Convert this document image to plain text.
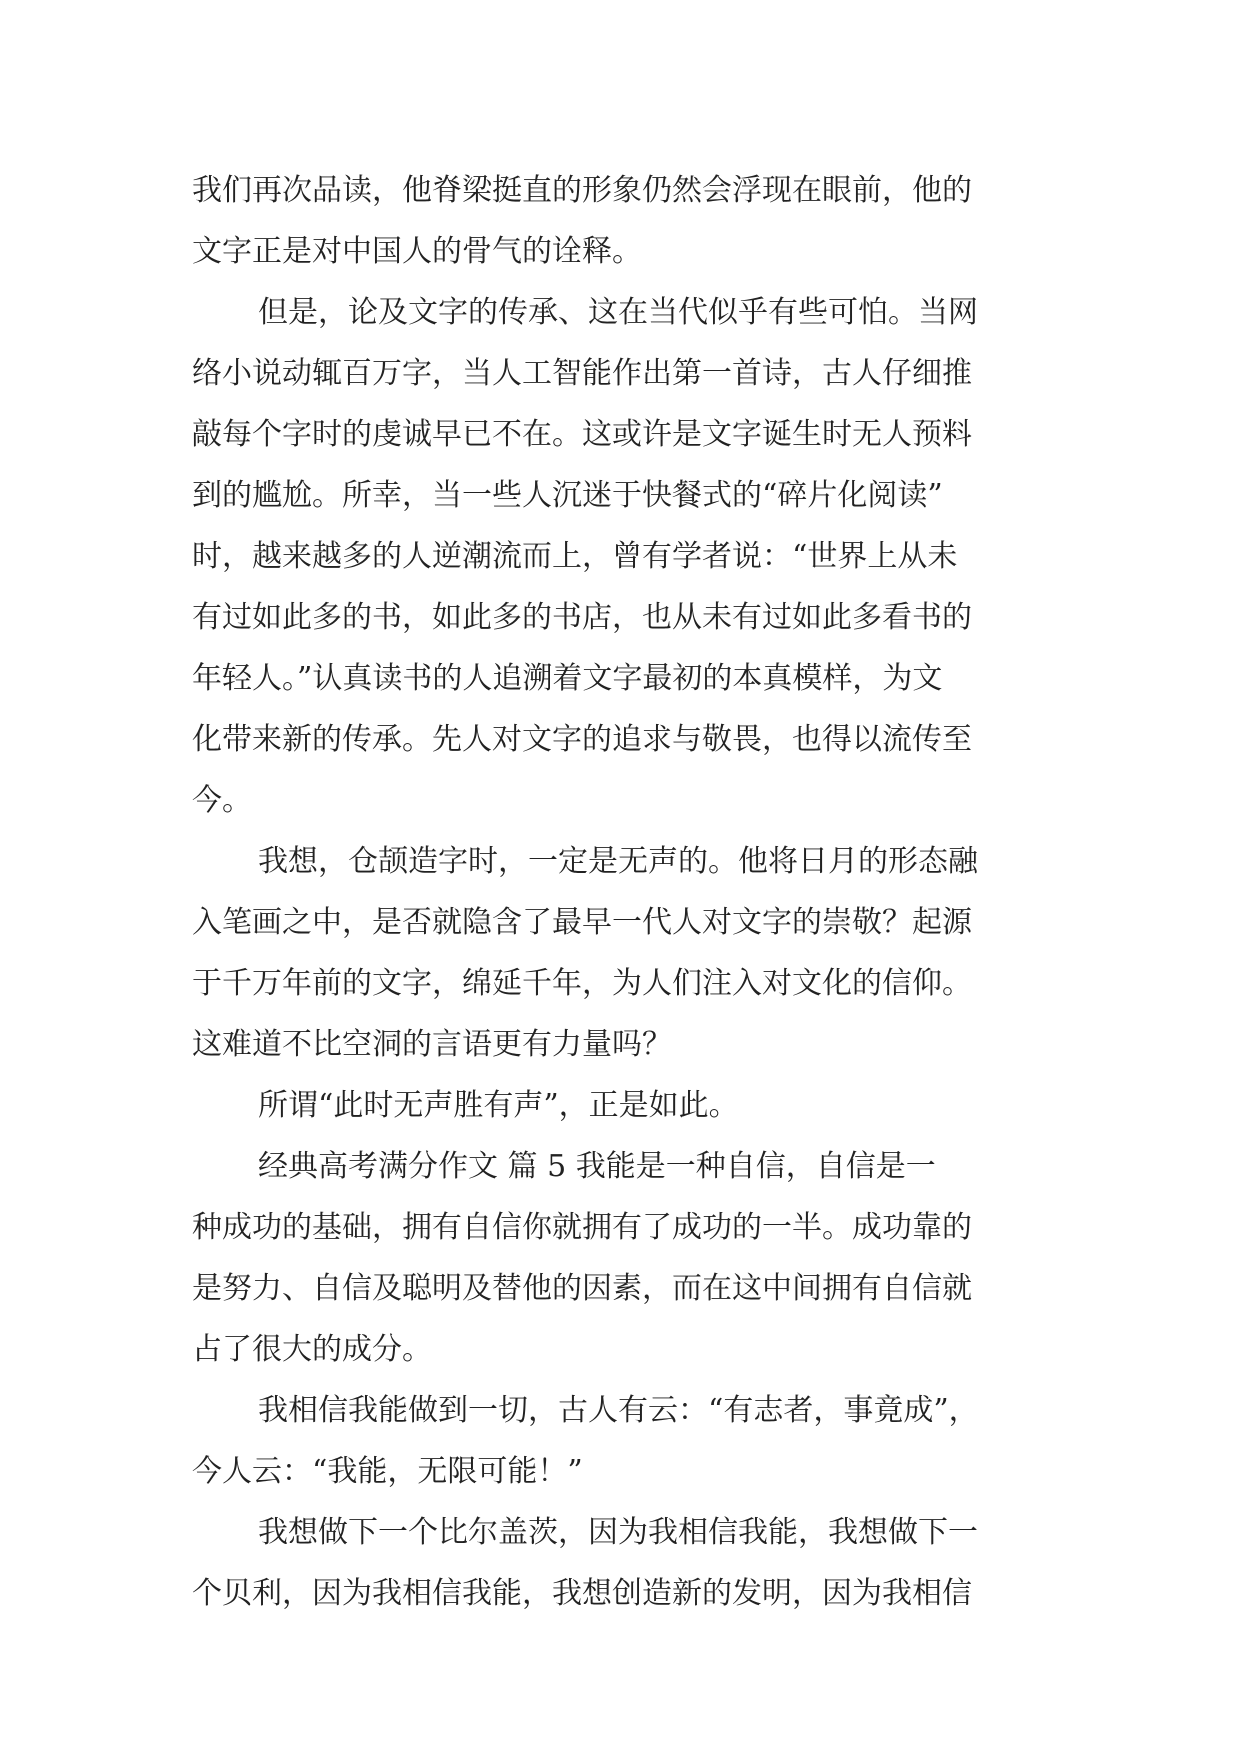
我们再次品读，他脊梁挺直的形象仍然会浮现在眼前，他的
文字正是对中国人的骨气的诠释。
但是，论及文字的传承、这在当代似乎有些可怕。当网
络小说动辄百万字，当人工智能作出第一首诗，古人仔细推
敲每个字时的虔诚早已不在。这或许是文字诞生时无人预料
到的尴尬。所幸，当一些人沉迷于快餐式的“碎片化阅读”
时，越来越多的人逆潮流而上，曾有学者说：“世界上从未
有过如此多的书，如此多的书店，也从未有过如此多看书的
年轻人。”认真读书的人追溯着文字最初的本真模样，为文
化带来新的传承。先人对文字的追求与敬畏，也得以流传至
今。
我想，仓颉造字时，一定是无声的。他将日月的形态融
入笔画之中，是否就隐含了最早一代人对文字的崇敬？起源
于千万年前的文字，绵延千年，为人们注入对文化的信仰。
这难道不比空洞的言语更有力量吗？
所谓“此时无声胜有声”，正是如此。
经典高考满分作文 篇 5 我能是一种自信，自信是一
种成功的基础，拥有自信你就拥有了成功的一半。成功靠的
是努力、自信及聪明及替他的因素，而在这中间拥有自信就
占了很大的成分。
我相信我能做到一切，古人有云：“有志者，事竟成”，
今人云：“我能，无限可能！”
我想做下一个比尔盖茨，因为我相信我能，我想做下一
个贝利，因为我相信我能，我想创造新的发明，因为我相信
